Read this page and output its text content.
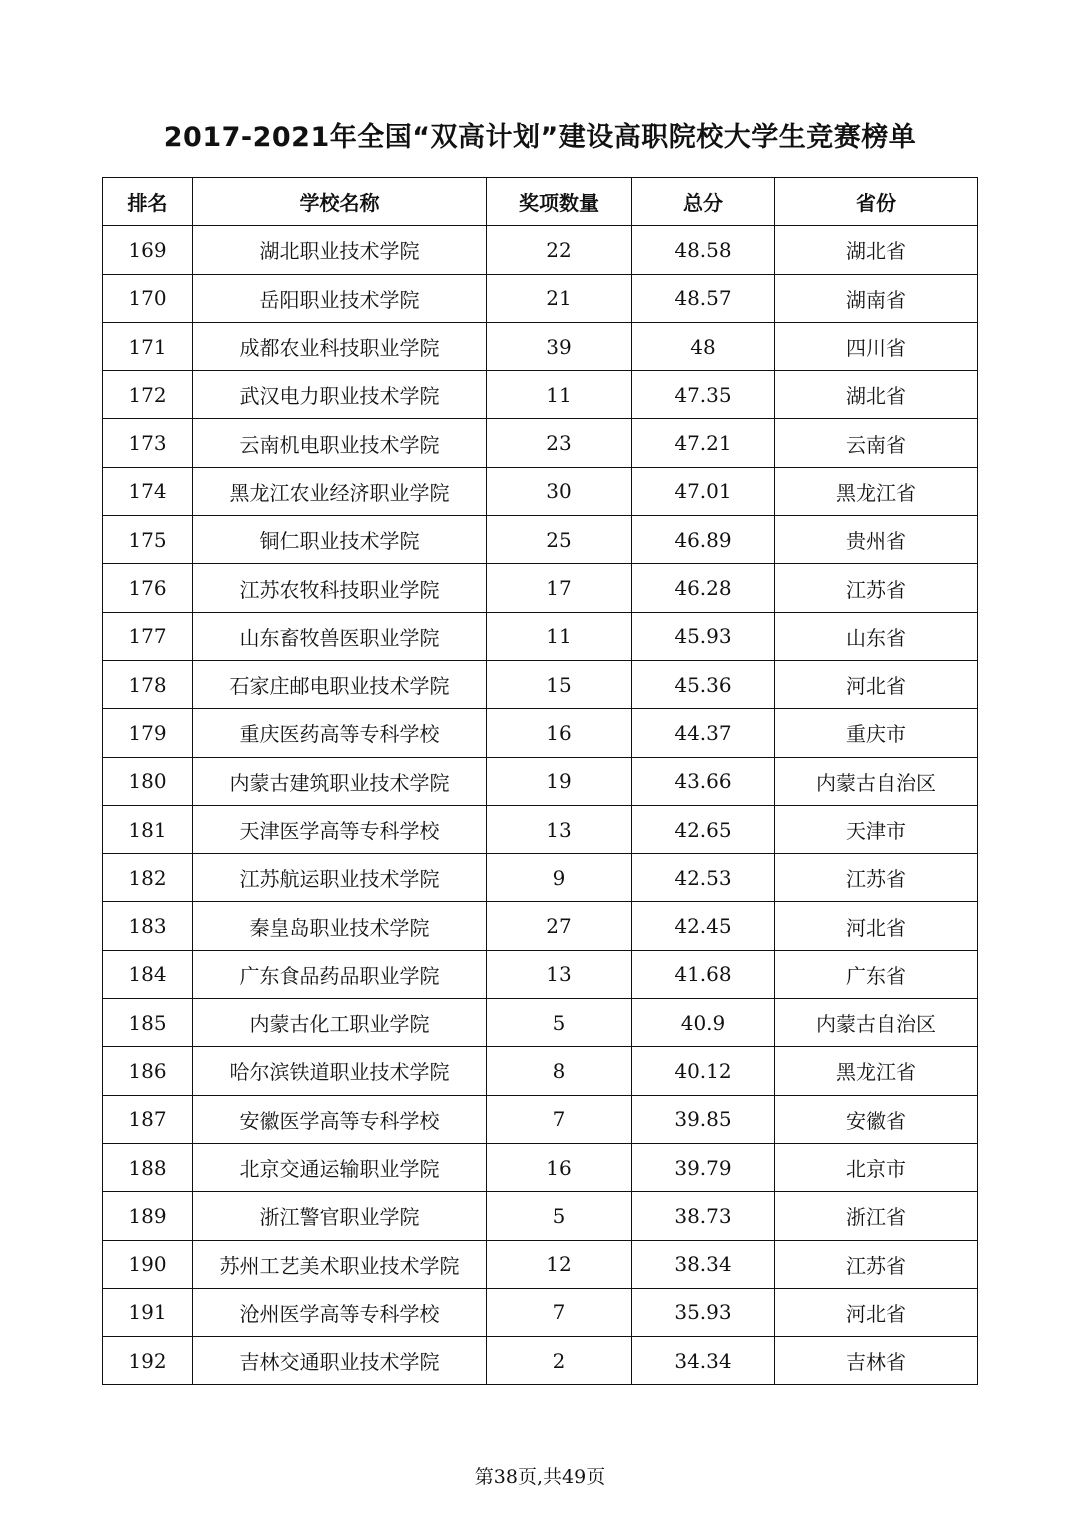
2017-2021年全国“双高计划”建设高职院校大学生竞赛榜单
排名	学校名称	奖项数量	总分	省份
169	湖北职业技术学院	22	48.58	湖北省
170	岳阳职业技术学院	21	48.57	湖南省
171	成都农业科技职业学院	39	48	四川省
172	武汉电力职业技术学院	11	47.35	湖北省
173	云南机电职业技术学院	23	47.21	云南省
174	黑龙江农业经济职业学院	30	47.01	黑龙江省
175	铜仁职业技术学院	25	46.89	贵州省
176	江苏农牧科技职业学院	17	46.28	江苏省
177	山东畜牧兽医职业学院	11	45.93	山东省
178	石家庄邮电职业技术学院	15	45.36	河北省
179	重庆医药高等专科学校	16	44.37	重庆市
180	内蒙古建筑职业技术学院	19	43.66	内蒙古自治区
181	天津医学高等专科学校	13	42.65	天津市
182	江苏航运职业技术学院	9	42.53	江苏省
183	秦皇岛职业技术学院	27	42.45	河北省
184	广东食品药品职业学院	13	41.68	广东省
185	内蒙古化工职业学院	5	40.9	内蒙古自治区
186	哈尔滨铁道职业技术学院	8	40.12	黑龙江省
187	安徽医学高等专科学校	7	39.85	安徽省
188	北京交通运输职业学院	16	39.79	北京市
189	浙江警官职业学院	5	38.73	浙江省
190	苏州工艺美术职业技术学院	12	38.34	江苏省
191	沧州医学高等专科学校	7	35.93	河北省
192	吉林交通职业技术学院	2	34.34	吉林省
第38页,共49页
